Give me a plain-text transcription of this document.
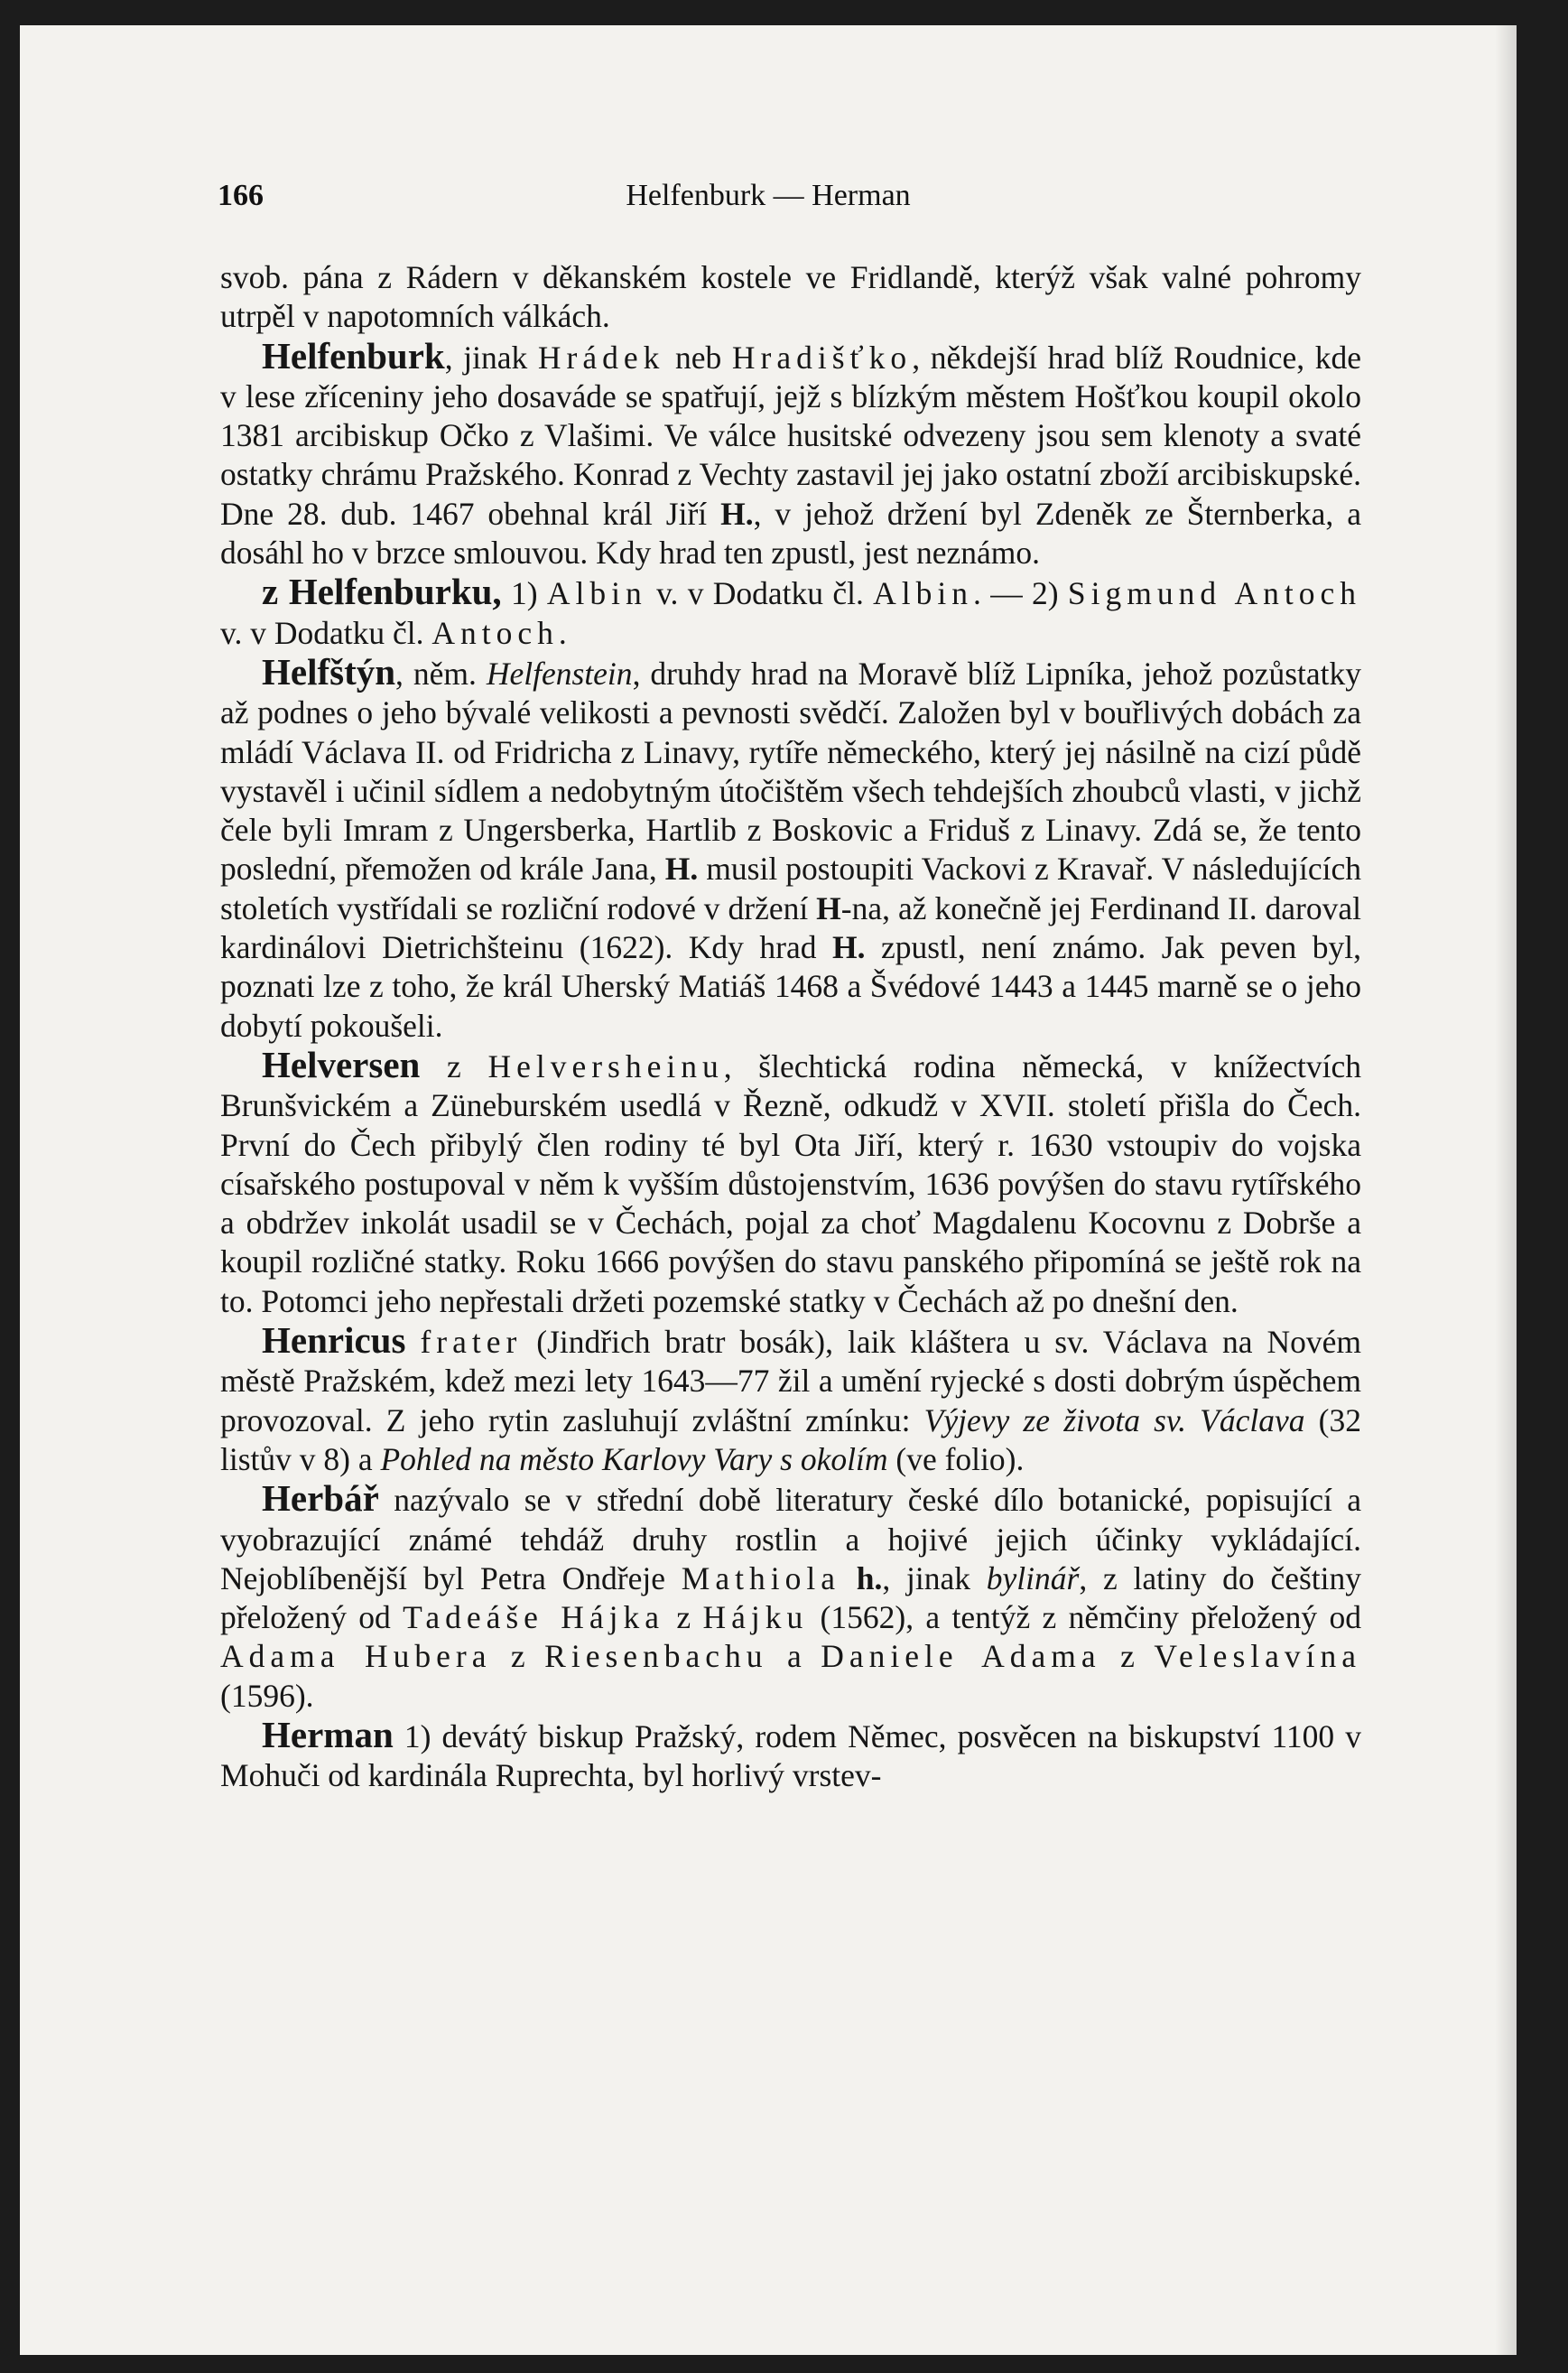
166	Helfenburk — Herman

svob. pána z Rádern v děkanském kostele ve Fridlandě, kterýž však valné pohromy utrpěl v napotomních válkách.

Helfenburk, jinak Hrádek neb Hradišťko, někdejší hrad blíž Roudnice, kde v lese zříceniny jeho dosaváde se spatřují, jejž s blízkým městem Hošťkou koupil okolo 1381 arcibiskup Očko z Vlašimi. Ve válce husitské odvezeny jsou sem klenoty a svaté ostatky chrámu Pražského. Konrad z Vechty zastavil jej jako ostatní zboží arcibiskupské. Dne 28. dub. 1467 obehnal král Jiří H., v jehož držení byl Zdeněk ze Šternberka, a dosáhl ho v brzce smlouvou. Kdy hrad ten zpustl, jest neznámo.

z Helfenburku, 1) Albin v. v Dodatku čl. Albin. — 2) Sigmund Antoch v. v Dodatku čl. Antoch.

Helfštýn, něm. Helfenstein, druhdy hrad na Moravě blíž Lipníka, jehož pozůstatky až podnes o jeho bývalé velikosti a pevnosti svědčí. Založen byl v bouřlivých dobách za mládí Václava II. od Fridricha z Linavy, rytíře německého, který jej násilně na cizí půdě vystavěl i učinil sídlem a nedobytným útočištěm všech tehdejších zhoubců vlasti, v jichž čele byli Imram z Ungersberka, Hartlib z Boskovic a Friduš z Linavy. Zdá se, že tento poslední, přemožen od krále Jana, H. musil postoupiti Vackovi z Kravař. V následujících stoletích vystřídali se rozliční rodové v držení H-na, až konečně jej Ferdinand II. daroval kardinálovi Dietrichšteinu (1622). Kdy hrad H. zpustl, není známo. Jak peven byl, poznati lze z toho, že král Uherský Matiáš 1468 a Švédové 1443 a 1445 marně se o jeho dobytí pokoušeli.

Helversen z Helversheinu, šlechtická rodina německá, v knížectvích Brunšvickém a Züneburském usedlá v Řezně, odkudž v XVII. století přišla do Čech. První do Čech přibylý člen rodiny té byl Ota Jiří, který r. 1630 vstoupiv do vojska císařského postupoval v něm k vyšším důstojenstvím, 1636 povýšen do stavu rytířského a obdržev inkolát usadil se v Čechách, pojal za choť Magdalenu Kocovnu z Dobrše a koupil rozličné statky. Roku 1666 povýšen do stavu panského připomíná se ještě rok na to. Potomci jeho nepřestali držeti pozemské statky v Čechách až po dnešní den.

Henricus frater (Jindřich bratr bosák), laik kláštera u sv. Václava na Novém městě Pražském, kdež mezi lety 1643—77 žil a umění ryjecké s dosti dobrým úspěchem provozoval. Z jeho rytin zasluhují zvláštní zmínku: Výjevy ze života sv. Václava (32 listův v 8) a Pohled na město Karlovy Vary s okolím (ve folio).

Herbář nazývalo se v střední době literatury české dílo botanické, popisující a vyobrazující známé tehdáž druhy rostlin a hojivé jejich účinky vykládající. Nejoblíbenější byl Petra Ondřeje Mathiola h., jinak bylinář, z latiny do češtiny přeložený od Tadeáše Hájka z Hájku (1562), a tentýž z němčiny přeložený od Adama Hubera z Riesenbachu a Daniele Adama z Veleslavína (1596).

Herman 1) devátý biskup Pražský, rodem Němec, posvěcen na biskupství 1100 v Mohuči od kardinála Ruprechta, byl horlivý vrstev-
